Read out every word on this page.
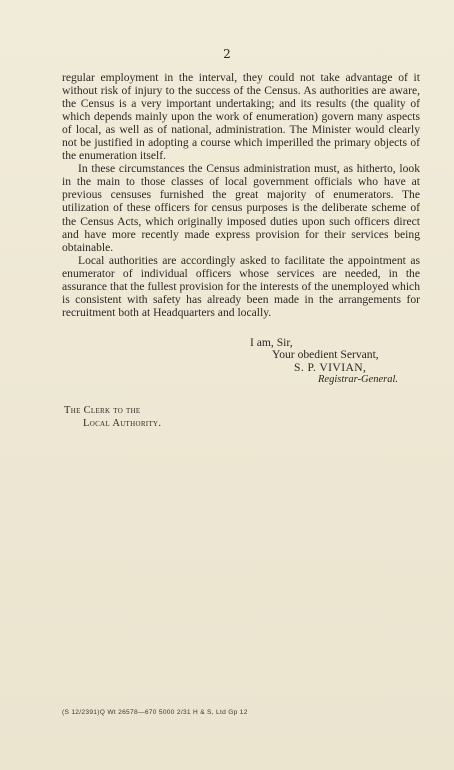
2

regular employment in the interval, they could not take advantage of it without risk of injury to the success of the Census. As authorities are aware, the Census is a very important undertaking; and its results (the quality of which depends mainly upon the work of enumeration) govern many aspects of local, as well as of national, administration. The Minister would clearly not be justified in adopting a course which imperilled the primary objects of the enumeration itself.

In these circumstances the Census administration must, as hitherto, look in the main to those classes of local government officials who have at previous censuses furnished the great majority of enumerators. The utilization of these officers for census purposes is the deliberate scheme of the Census Acts, which originally imposed duties upon such officers direct and have more recently made express provision for their services being obtainable.

Local authorities are accordingly asked to facilitate the appointment as enumerator of individual officers whose services are needed, in the assurance that the fullest provision for the interests of the unemployed which is consistent with safety has already been made in the arrangements for recruitment both at Headquarters and locally.

I am, Sir,
Your obedient Servant,
S. P. VIVIAN,
Registrar-General.
The Clerk to the
Local Authority.
(S 12/2391)Q Wt 26578—670 5000 2/31 H & S, Ltd Gp 12
